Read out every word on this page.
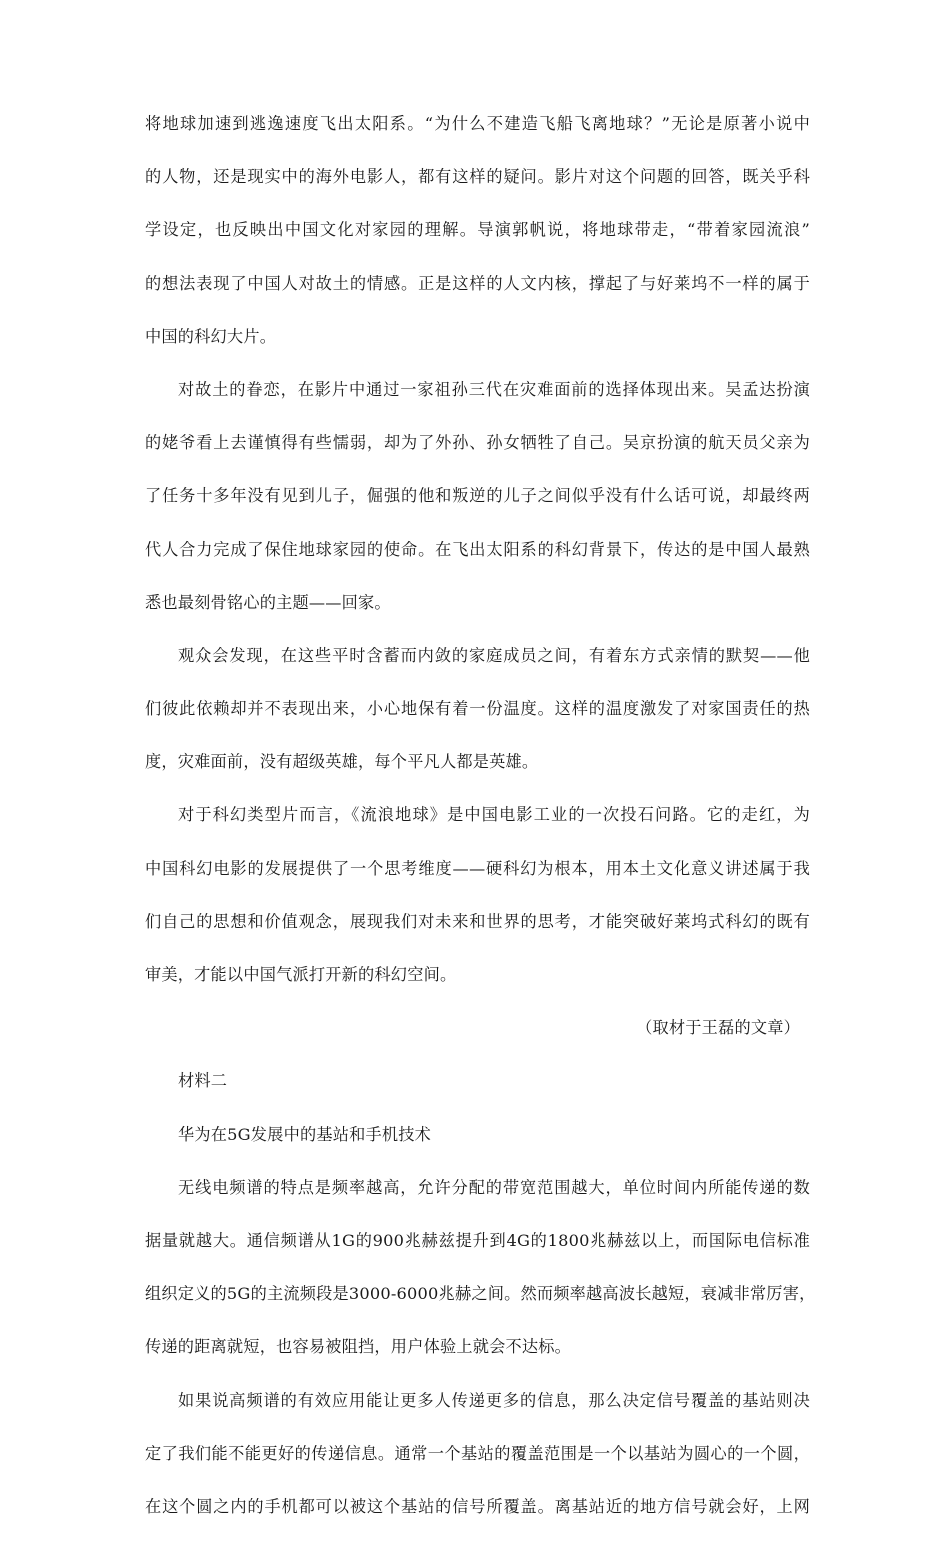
将地球加速到逃逸速度飞出太阳系。“为什么不建造飞船飞离地球？”无论是原著小说中
的人物，还是现实中的海外电影人，都有这样的疑问。影片对这个问题的回答，既关乎科
学设定，也反映出中国文化对家园的理解。导演郭帆说，将地球带走，“带着家园流浪”
的想法表现了中国人对故土的情感。正是这样的人文内核，撑起了与好莱坞不一样的属于
中国的科幻大片。
对故土的眷恋，在影片中通过一家祖孙三代在灾难面前的选择体现出来。吴孟达扮演
的姥爷看上去谨慎得有些懦弱，却为了外孙、孙女牺牲了自己。吴京扮演的航天员父亲为
了任务十多年没有见到儿子，倔强的他和叛逆的儿子之间似乎没有什么话可说，却最终两
代人合力完成了保住地球家园的使命。在飞出太阳系的科幻背景下，传达的是中国人最熟
悉也最刻骨铭心的主题——回家。
观众会发现，在这些平时含蓄而内敛的家庭成员之间，有着东方式亲情的默契——他
们彼此依赖却并不表现出来，小心地保有着一份温度。这样的温度激发了对家国责任的热
度，灾难面前，没有超级英雄，每个平凡人都是英雄。
对于科幻类型片而言，《流浪地球》是中国电影工业的一次投石问路。它的走红，为
中国科幻电影的发展提供了一个思考维度——硬科幻为根本，用本土文化意义讲述属于我
们自己的思想和价值观念，展现我们对未来和世界的思考，才能突破好莱坞式科幻的既有
审美，才能以中国气派打开新的科幻空间。
（取材于王磊的文章）
材料二
华为在5G发展中的基站和手机技术
无线电频谱的特点是频率越高，允许分配的带宽范围越大，单位时间内所能传递的数
据量就越大。通信频谱从1G的900兆赫兹提升到4G的1800兆赫兹以上，而国际电信标准
组织定义的5G的主流频段是3000-6000兆赫之间。然而频率越高波长越短，衰减非常厉害，
传递的距离就短，也容易被阻挡，用户体验上就会不达标。
如果说高频谱的有效应用能让更多人传递更多的信息，那么决定信号覆盖的基站则决
定了我们能不能更好的传递信息。通常一个基站的覆盖范围是一个以基站为圆心的一个圆，
在这个圆之内的手机都可以被这个基站的信号所覆盖。离基站近的地方信号就会好，上网
